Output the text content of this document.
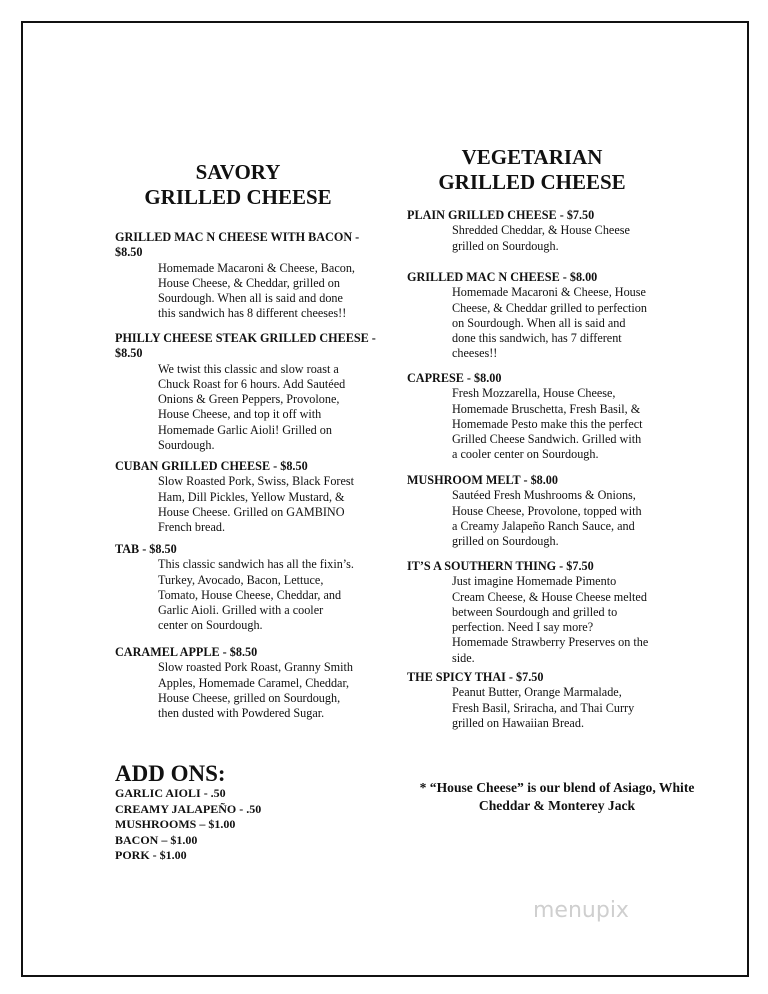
SAVORY
GRILLED CHEESE
VEGETARIAN
GRILLED CHEESE
GRILLED MAC N CHEESE WITH BACON - $8.50
Homemade Macaroni & Cheese, Bacon,
House Cheese, & Cheddar, grilled on
Sourdough. When all is said and done
this sandwich has 8 different cheeses!!
PHILLY CHEESE STEAK GRILLED CHEESE - $8.50
We twist this classic and slow roast a
Chuck Roast for 6 hours. Add Sautéed
Onions & Green Peppers, Provolone,
House Cheese, and top it off with
Homemade Garlic Aioli! Grilled on
Sourdough.
CUBAN GRILLED CHEESE - $8.50
Slow Roasted Pork, Swiss, Black Forest
Ham, Dill Pickles, Yellow Mustard, &
House Cheese. Grilled on GAMBINO
French bread.
TAB - $8.50
This classic sandwich has all the fixin’s.
Turkey, Avocado, Bacon, Lettuce,
Tomato, House Cheese, Cheddar, and
Garlic Aioli. Grilled with a cooler
center on Sourdough.
CARAMEL APPLE - $8.50
Slow roasted Pork Roast, Granny Smith
Apples, Homemade Caramel, Cheddar,
House Cheese, grilled on Sourdough,
then dusted with Powdered Sugar.
PLAIN GRILLED CHEESE - $7.50
Shredded Cheddar, & House Cheese
grilled on Sourdough.
GRILLED MAC N CHEESE - $8.00
Homemade Macaroni & Cheese, House
Cheese, & Cheddar grilled to perfection
on Sourdough. When all is said and
done this sandwich, has 7 different
cheeses!!
CAPRESE - $8.00
Fresh Mozzarella, House Cheese,
Homemade Bruschetta, Fresh Basil, &
Homemade Pesto make this the perfect
Grilled Cheese Sandwich. Grilled with
a cooler center on Sourdough.
MUSHROOM MELT - $8.00
Sautéed Fresh Mushrooms & Onions,
House Cheese, Provolone, topped with
a Creamy Jalapeño Ranch Sauce, and
grilled on Sourdough.
IT’S A SOUTHERN THING - $7.50
Just imagine Homemade Pimento
Cream Cheese, & House Cheese melted
between Sourdough and grilled to
perfection. Need I say more?
Homemade Strawberry Preserves on the
side.
THE SPICY THAI - $7.50
Peanut Butter, Orange Marmalade,
Fresh Basil, Sriracha, and Thai Curry
grilled on Hawaiian Bread.
ADD ONS:
GARLIC AIOLI - .50
CREAMY JALAPEÑO - .50
MUSHROOMS – $1.00
BACON – $1.00
PORK - $1.00
* “House Cheese” is our blend of Asiago, White Cheddar & Monterey Jack
menupix
